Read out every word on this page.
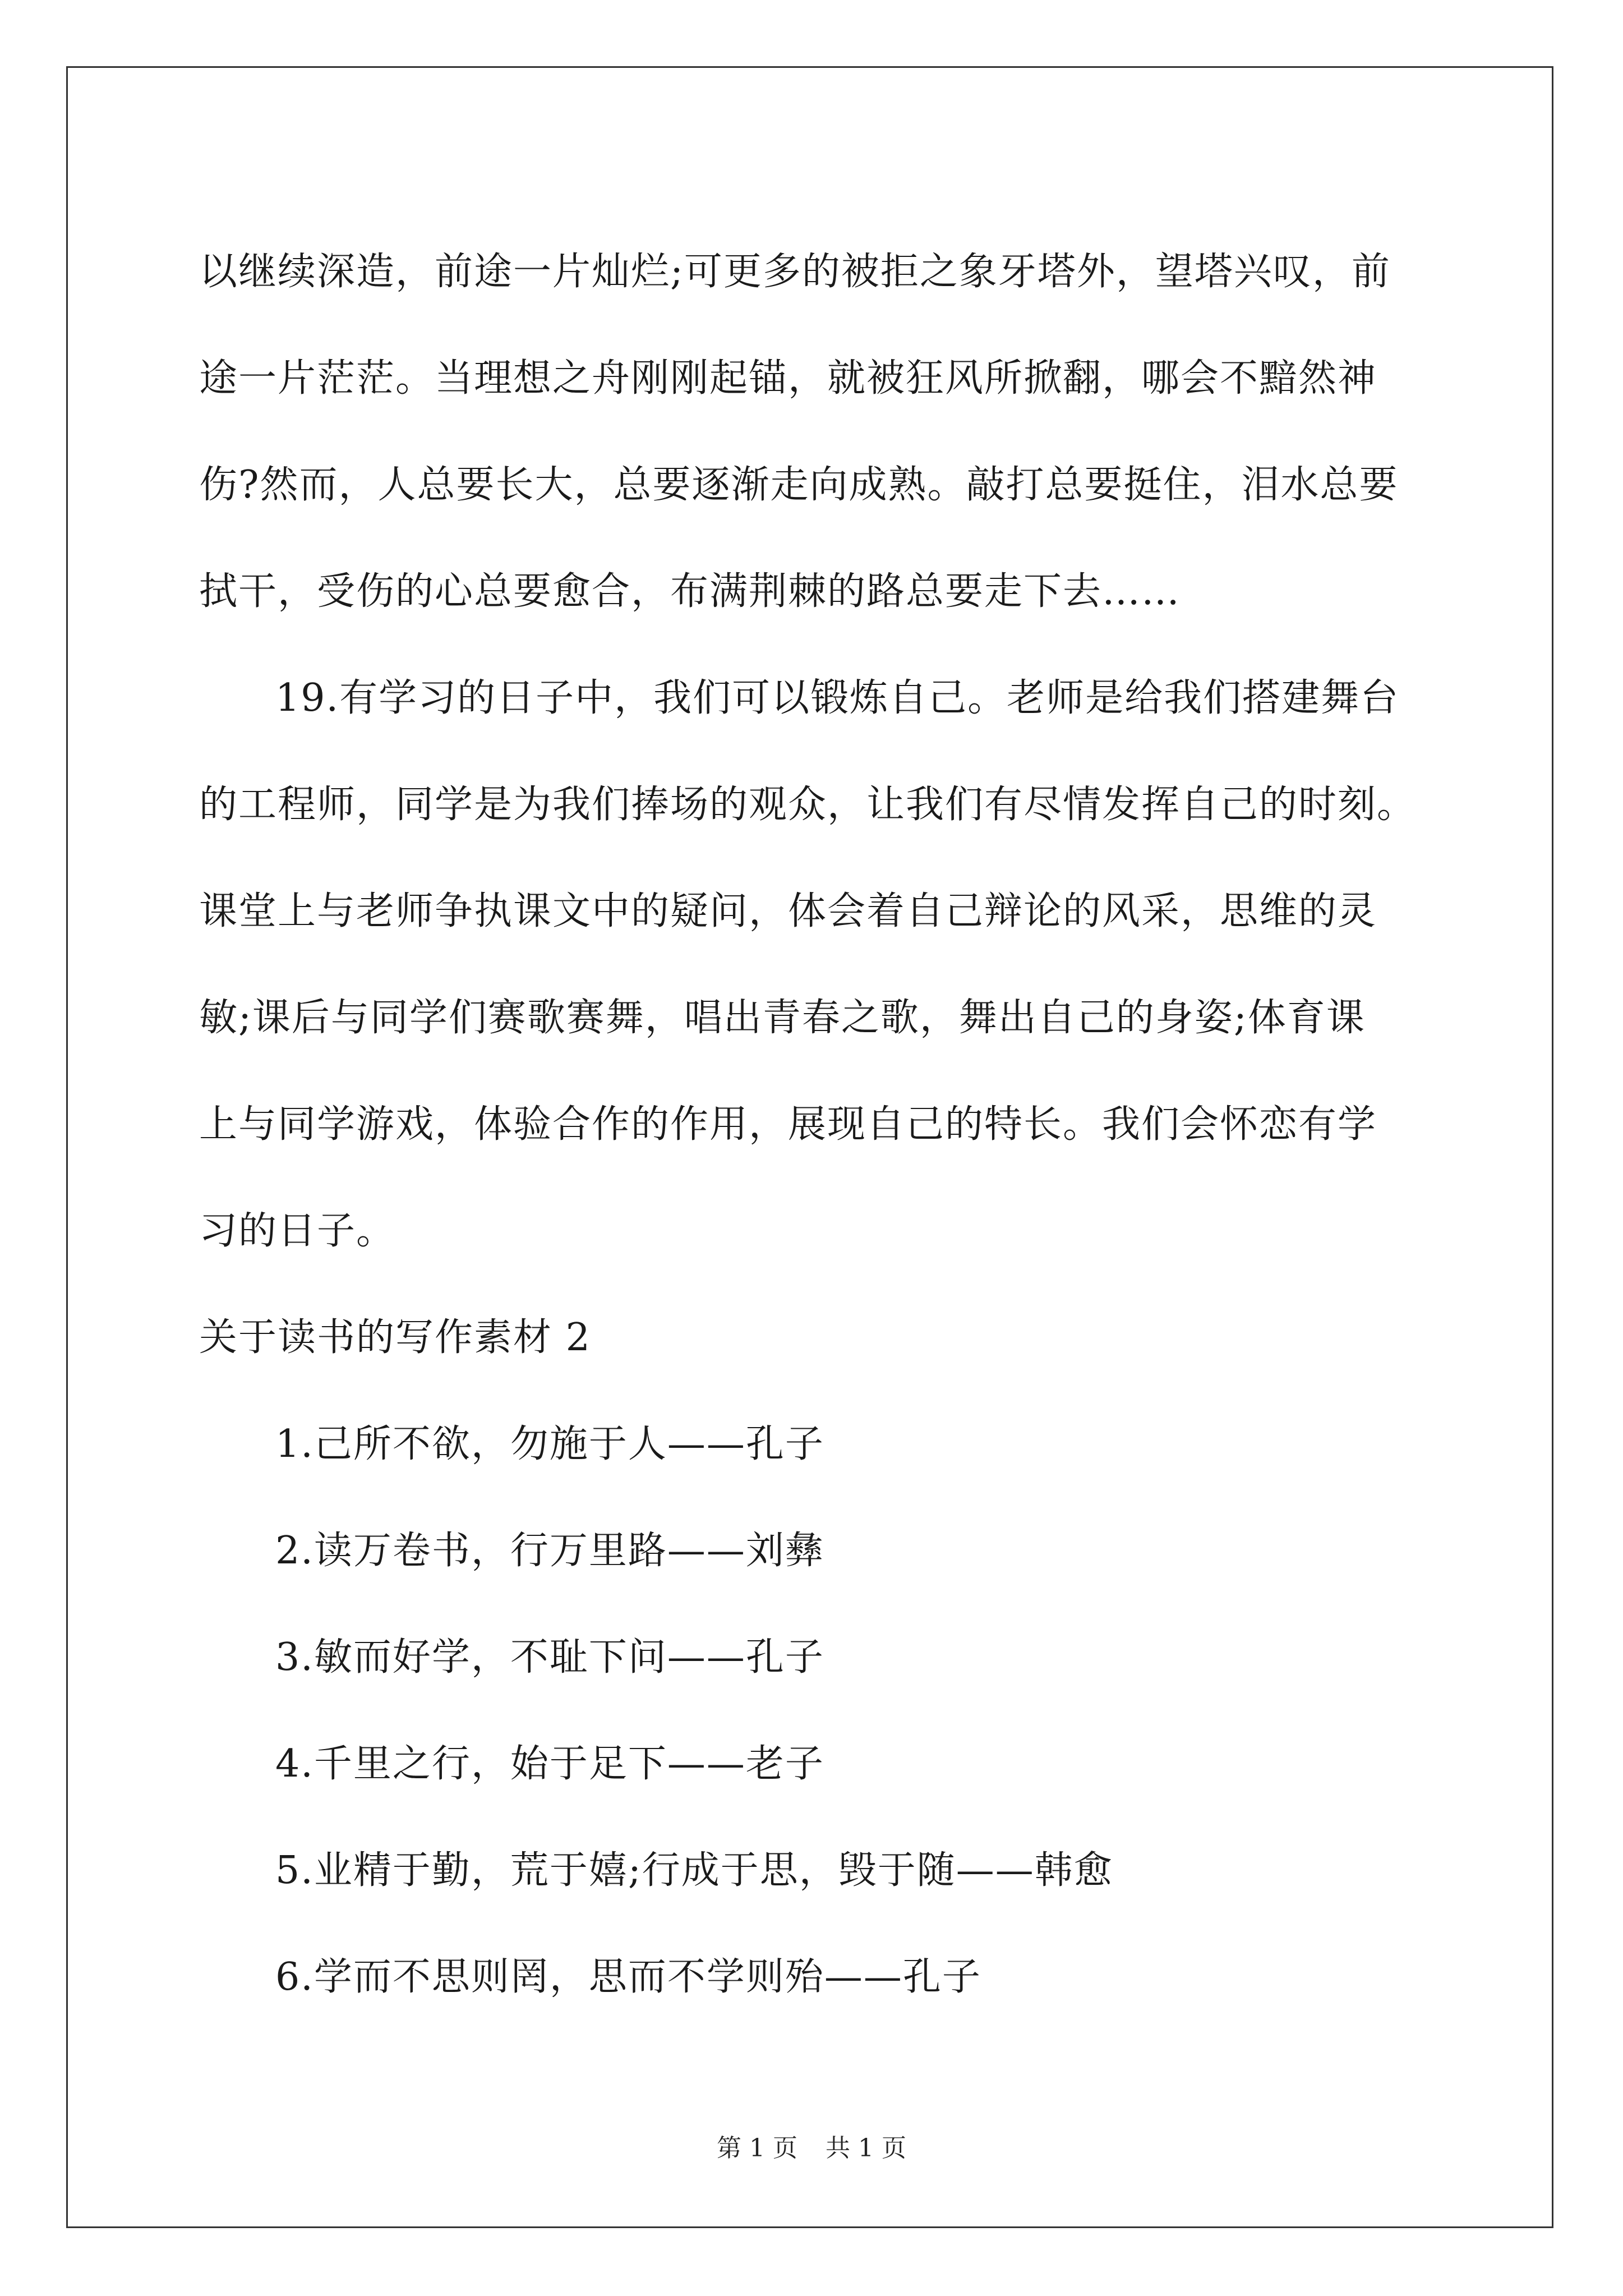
以继续深造，前途一片灿烂;可更多的被拒之象牙塔外，望塔兴叹，前
途一片茫茫。当理想之舟刚刚起锚，就被狂风所掀翻，哪会不黯然神
伤?然而，人总要长大，总要逐渐走向成熟。敲打总要挺住，泪水总要
拭干，受伤的心总要愈合，布满荆棘的路总要走下去……
19.有学习的日子中，我们可以锻炼自己。老师是给我们搭建舞台
的工程师，同学是为我们捧场的观众，让我们有尽情发挥自己的时刻。
课堂上与老师争执课文中的疑问，体会着自己辩论的风采，思维的灵
敏;课后与同学们赛歌赛舞，唱出青春之歌，舞出自己的身姿;体育课
上与同学游戏，体验合作的作用，展现自己的特长。我们会怀恋有学
习的日子。
关于读书的写作素材 2
1.己所不欲，勿施于人——孔子
2.读万卷书，行万里路——刘彝
3.敏而好学，不耻下问——孔子
4.千里之行，始于足下——老子
5.业精于勤，荒于嬉;行成于思，毁于随——韩愈
6.学而不思则罔，思而不学则殆——孔子
第 1 页 共 1 页
